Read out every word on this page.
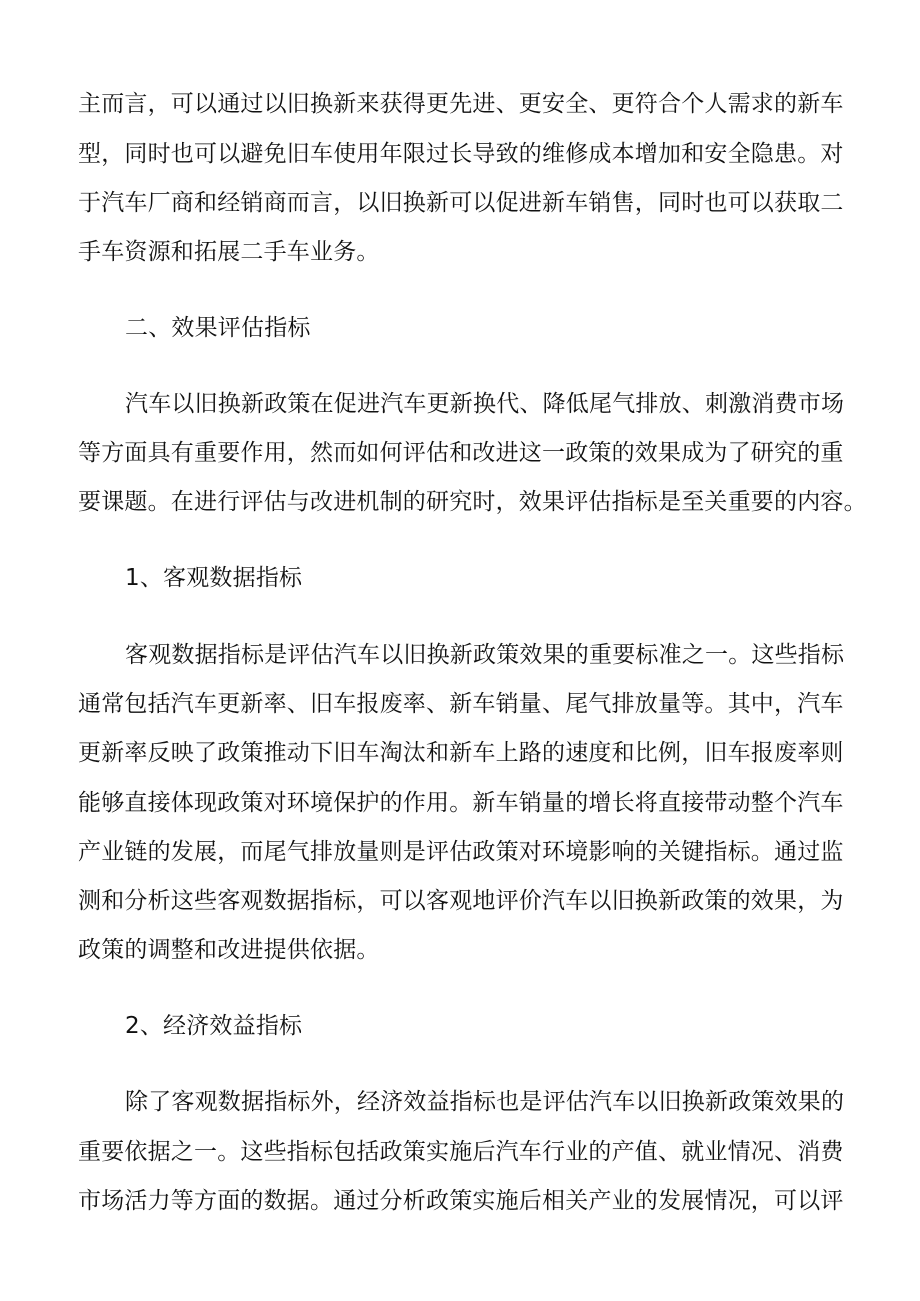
主而言，可以通过以旧换新来获得更先进、更安全、更符合个人需求的新车
型，同时也可以避免旧车使用年限过长导致的维修成本增加和安全隐患。对
于汽车厂商和经销商而言，以旧换新可以促进新车销售，同时也可以获取二
手车资源和拓展二手车业务。
二、效果评估指标
汽车以旧换新政策在促进汽车更新换代、降低尾气排放、刺激消费市场
等方面具有重要作用，然而如何评估和改进这一政策的效果成为了研究的重
要课题。在进行评估与改进机制的研究时，效果评估指标是至关重要的内容。
1、客观数据指标
客观数据指标是评估汽车以旧换新政策效果的重要标准之一。这些指标
通常包括汽车更新率、旧车报废率、新车销量、尾气排放量等。其中，汽车
更新率反映了政策推动下旧车淘汰和新车上路的速度和比例，旧车报废率则
能够直接体现政策对环境保护的作用。新车销量的增长将直接带动整个汽车
产业链的发展，而尾气排放量则是评估政策对环境影响的关键指标。通过监
测和分析这些客观数据指标，可以客观地评价汽车以旧换新政策的效果，为
政策的调整和改进提供依据。
2、经济效益指标
除了客观数据指标外，经济效益指标也是评估汽车以旧换新政策效果的
重要依据之一。这些指标包括政策实施后汽车行业的产值、就业情况、消费
市场活力等方面的数据。通过分析政策实施后相关产业的发展情况，可以评
